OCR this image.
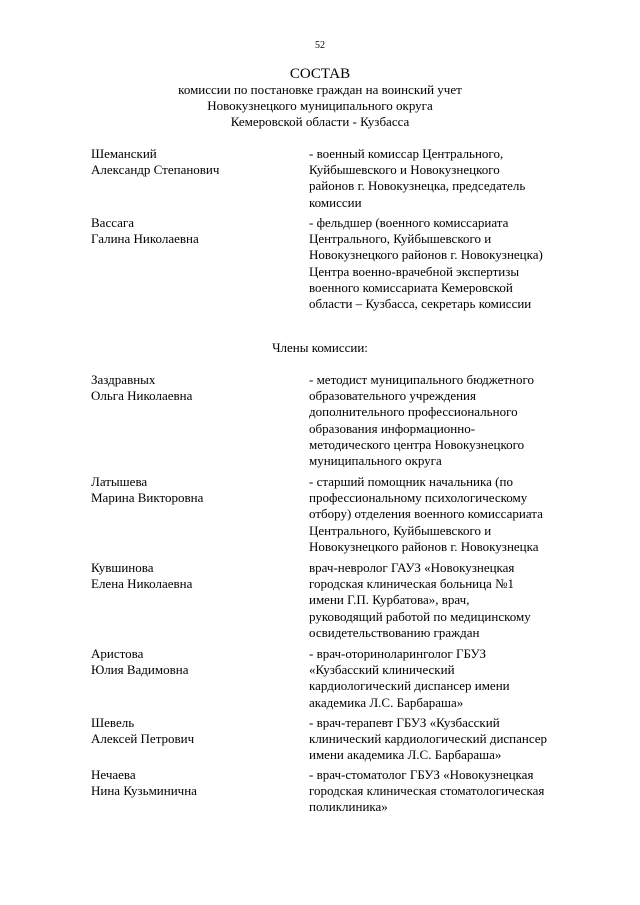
52
СОСТАВ
комиссии по постановке граждан на воинский учет
Новокузнецкого муниципального округа
Кемеровской области - Кузбасса
Шеманский
Александр Степанович
- военный комиссар Центрального,
Куйбышевского и Новокузнецкого
районов г. Новокузнецка, председатель
комиссии
Вассага
Галина Николаевна
- фельдшер (военного комиссариата
Центрального, Куйбышевского и
Новокузнецкого районов г. Новокузнецка)
Центра военно-врачебной экспертизы
военного комиссариата Кемеровской
области – Кузбасса, секретарь комиссии
Члены комиссии:
Заздравных
Ольга Николаевна
- методист муниципального бюджетного
образовательного учреждения
дополнительного профессионального
образования информационно-
методического центра Новокузнецкого
муниципального округа
Латышева
Марина Викторовна
- старший помощник начальника (по
профессиональному психологическому
отбору) отделения военного комиссариата
Центрального, Куйбышевского и
Новокузнецкого районов г. Новокузнецка
Кувшинова
Елена Николаевна
врач-невролог ГАУЗ «Новокузнецкая
городская клиническая больница №1
имени Г.П. Курбатова», врач,
руководящий работой по медицинскому
освидетельствованию граждан
Аристова
Юлия Вадимовна
- врач-оториноларинголог ГБУЗ
«Кузбасский клинический
кардиологический диспансер имени
академика Л.С. Барбараша»
Шевель
Алексей Петрович
- врач-терапевт ГБУЗ «Кузбасский
клинический кардиологический диспансер
имени академика Л.С. Барбараша»
Нечаева
Нина Кузьминична
- врач-стоматолог ГБУЗ «Новокузнецкая
городская клиническая стоматологическая
поликлиника»
